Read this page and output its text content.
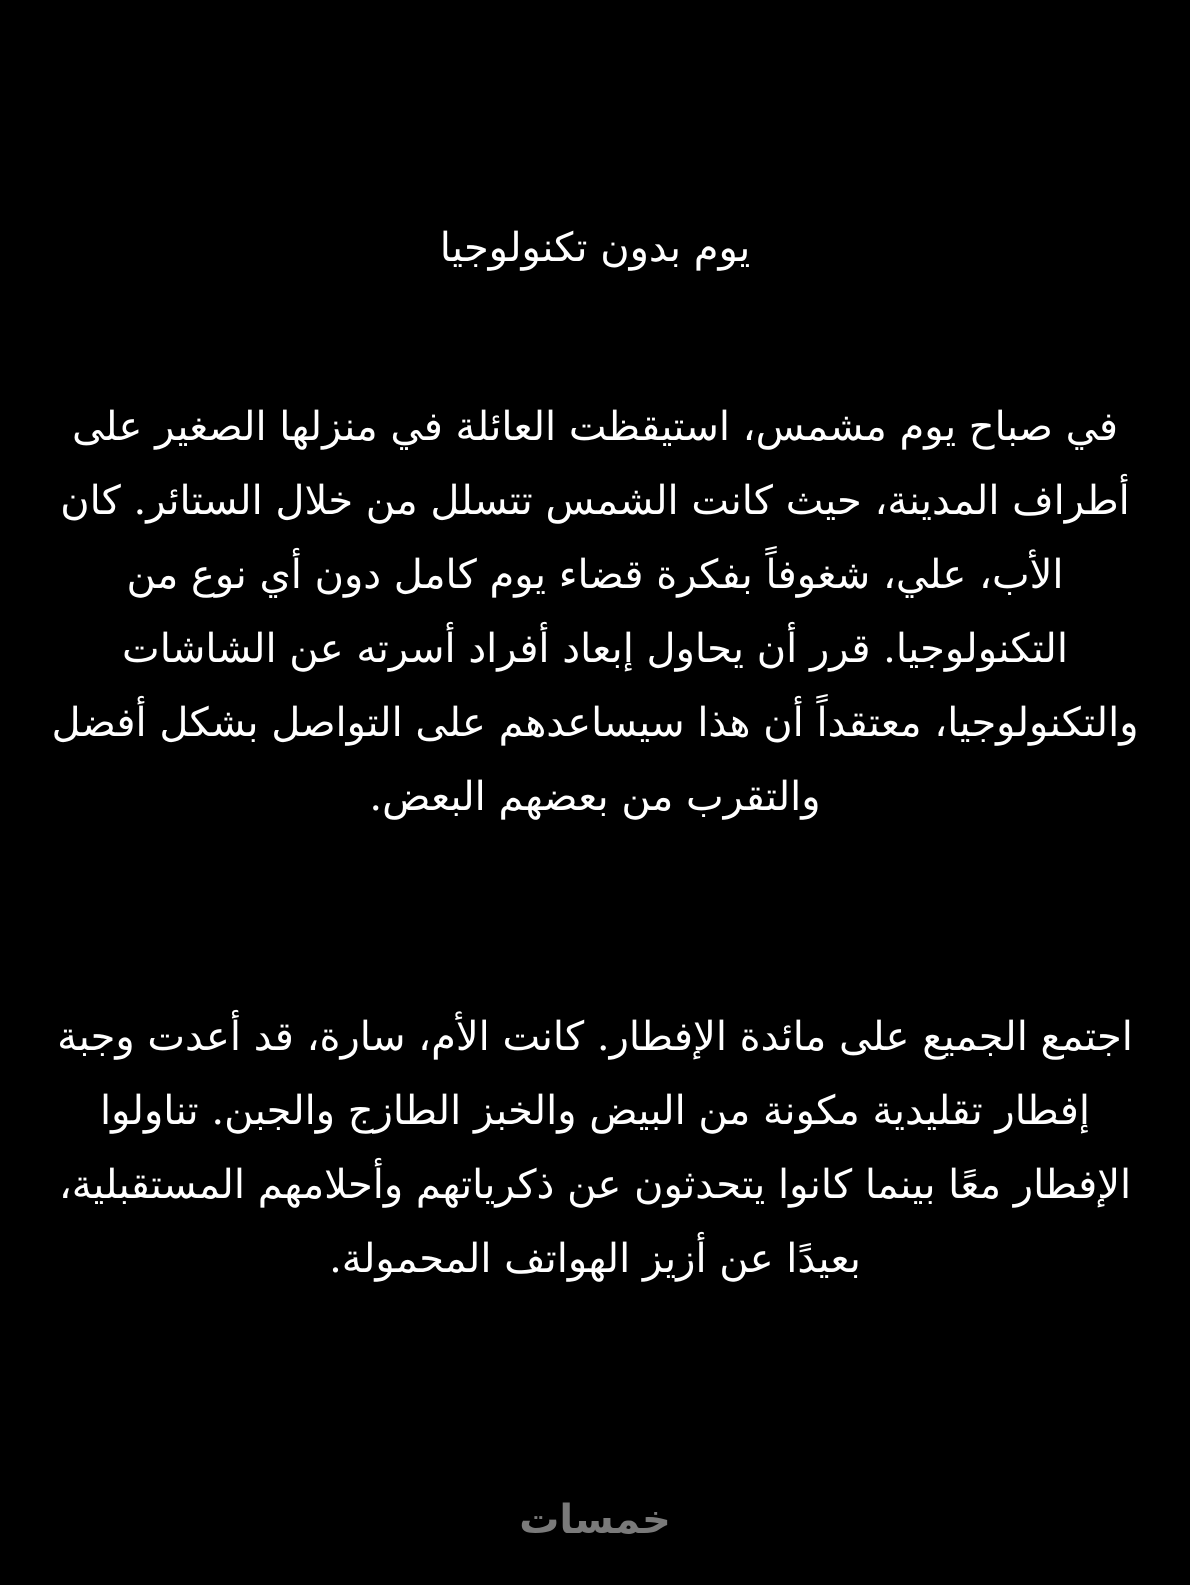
يوم بدون تكنولوجيا

في صباح يوم مشمس، استيقظت العائلة في منزلها الصغير على أطراف المدينة، حيث كانت الشمس تتسلل من خلال الستائر. كان الأب، علي، شغوفاً بفكرة قضاء يوم كامل دون أي نوع من التكنولوجيا. قرر أن يحاول إبعاد أفراد أسرته عن الشاشات والتكنولوجيا، معتقداً أن هذا سيساعدهم على التواصل بشكل أفضل والتقرب من بعضهم البعض.

اجتمع الجميع على مائدة الإفطار. كانت الأم، سارة، قد أعدت وجبة إفطار تقليدية مكونة من البيض والخبز الطازج والجبن. تناولوا الإفطار معًا بينما كانوا يتحدثون عن ذكرياتهم وأحلامهم المستقبلية، بعيدًا عن أزيز الهواتف المحمولة.

خمسات
